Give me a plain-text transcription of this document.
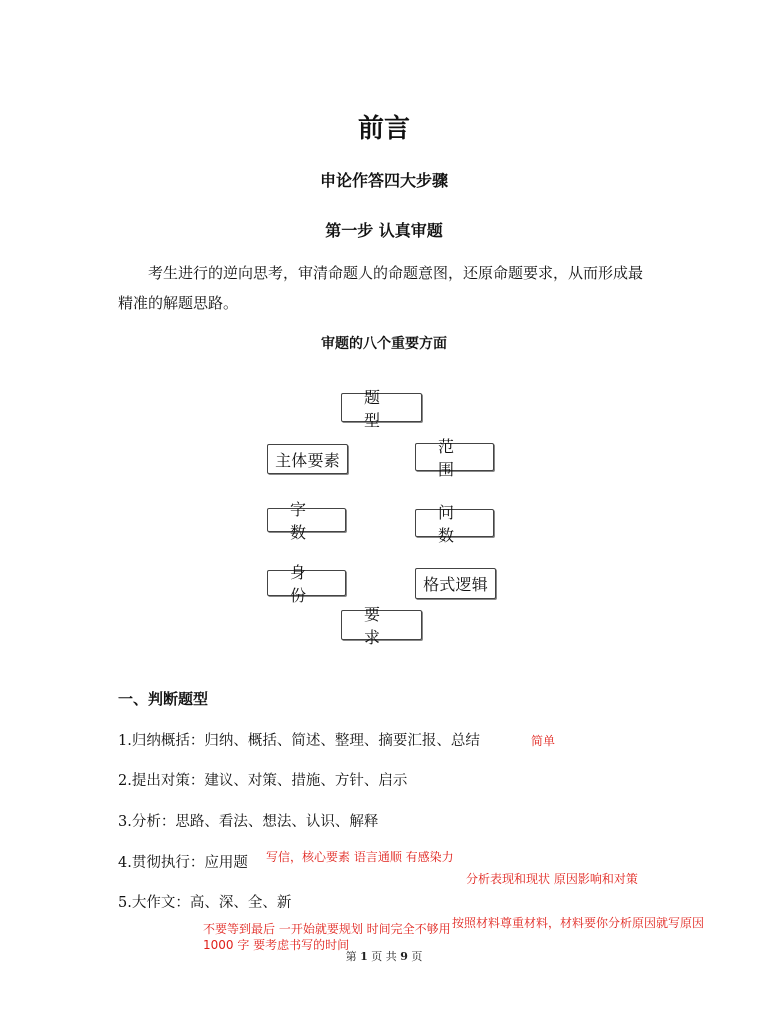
前言
申论作答四大步骤
第一步 认真审题
考生进行的逆向思考，审清命题人的命题意图，还原命题要求，从而形成最
精准的解题思路。
审题的八个重要方面
题 型
主体要素
范 围
字 数
问 数
身 份
格式逻辑
要 求
一、判断题型
1.归纳概括：归纳、概括、简述、整理、摘要汇报、总结
2.提出对策：建议、对策、措施、方针、启示
3.分析：思路、看法、想法、认识、解释
4.贯彻执行：应用题
5.大作文：高、深、全、新
简单
写信，核心要素 语言通顺 有感染力
分析表现和现状 原因影响和对策
不要等到最后 一开始就要规划 时间完全不够用 1000 字 要考虑书写的时间
按照材料尊重材料，材料要你分析原因就写原因
第 1 页 共 9 页
